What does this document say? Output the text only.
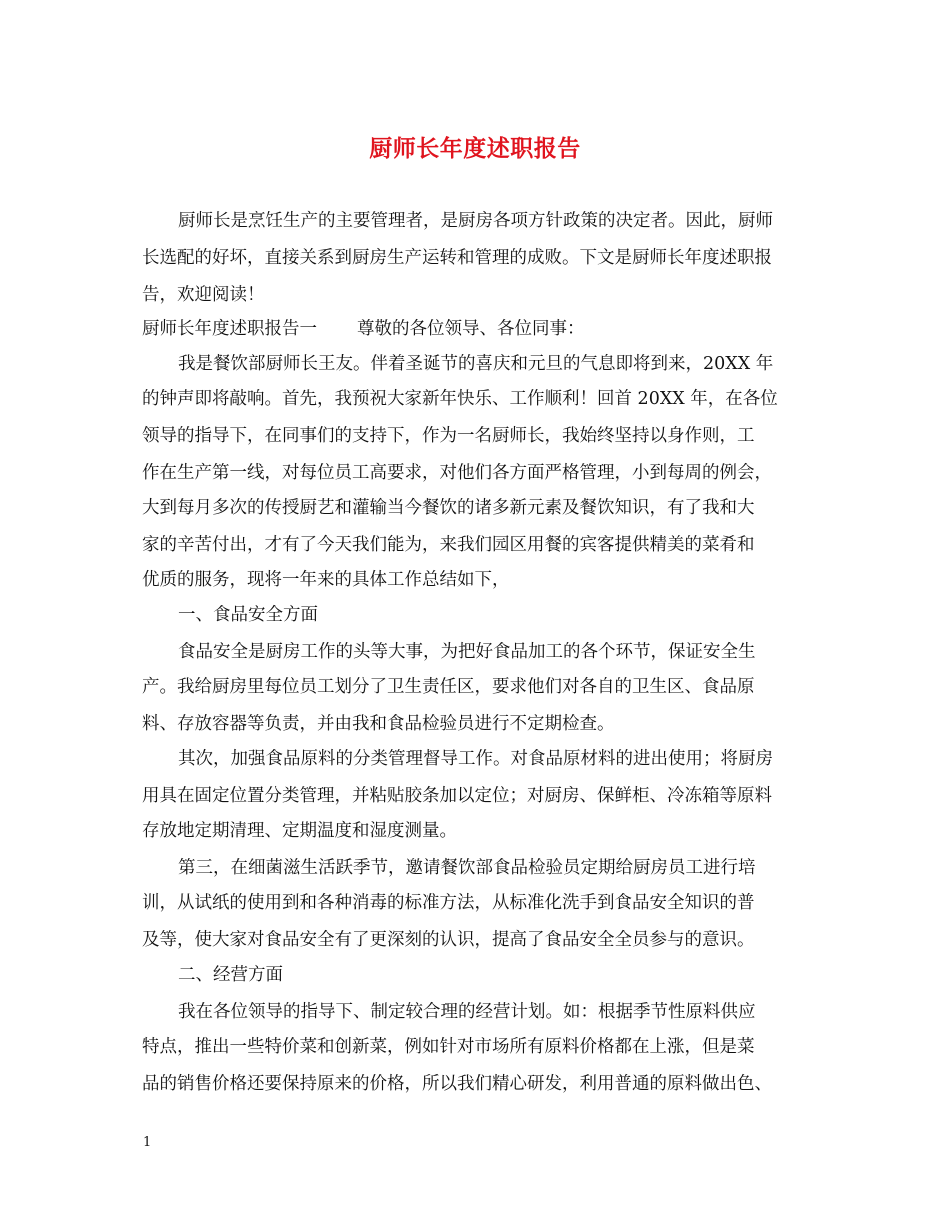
厨师长年度述职报告
厨师长是烹饪生产的主要管理者，是厨房各项方针政策的决定者。因此，厨师
长选配的好坏，直接关系到厨房生产运转和管理的成败。下文是厨师长年度述职报
告，欢迎阅读！
厨师长年度述职报告一 尊敬的各位领导、各位同事：
我是餐饮部厨师长王友。伴着圣诞节的喜庆和元旦的气息即将到来，20XX 年
的钟声即将敲响。首先，我预祝大家新年快乐、工作顺利！回首 20XX 年，在各位
领导的指导下，在同事们的支持下，作为一名厨师长，我始终坚持以身作则，工
作在生产第一线，对每位员工高要求，对他们各方面严格管理，小到每周的例会，
大到每月多次的传授厨艺和灌输当今餐饮的诸多新元素及餐饮知识，有了我和大
家的辛苦付出，才有了今天我们能为，来我们园区用餐的宾客提供精美的菜肴和
优质的服务，现将一年来的具体工作总结如下，
一、食品安全方面
食品安全是厨房工作的头等大事，为把好食品加工的各个环节，保证安全生
产。我给厨房里每位员工划分了卫生责任区，要求他们对各自的卫生区、食品原
料、存放容器等负责，并由我和食品检验员进行不定期检查。
其次，加强食品原料的分类管理督导工作。对食品原材料的进出使用；将厨房
用具在固定位置分类管理，并粘贴胶条加以定位；对厨房、保鲜柜、冷冻箱等原料
存放地定期清理、定期温度和湿度测量。
第三，在细菌滋生活跃季节，邀请餐饮部食品检验员定期给厨房员工进行培
训，从试纸的使用到和各种消毒的标准方法，从标准化洗手到食品安全知识的普
及等，使大家对食品安全有了更深刻的认识，提高了食品安全全员参与的意识。
二、经营方面
我在各位领导的指导下、制定较合理的经营计划。如：根据季节性原料供应
特点，推出一些特价菜和创新菜，例如针对市场所有原料价格都在上涨，但是菜
品的销售价格还要保持原来的价格，所以我们精心研发，利用普通的原料做出色、
1
